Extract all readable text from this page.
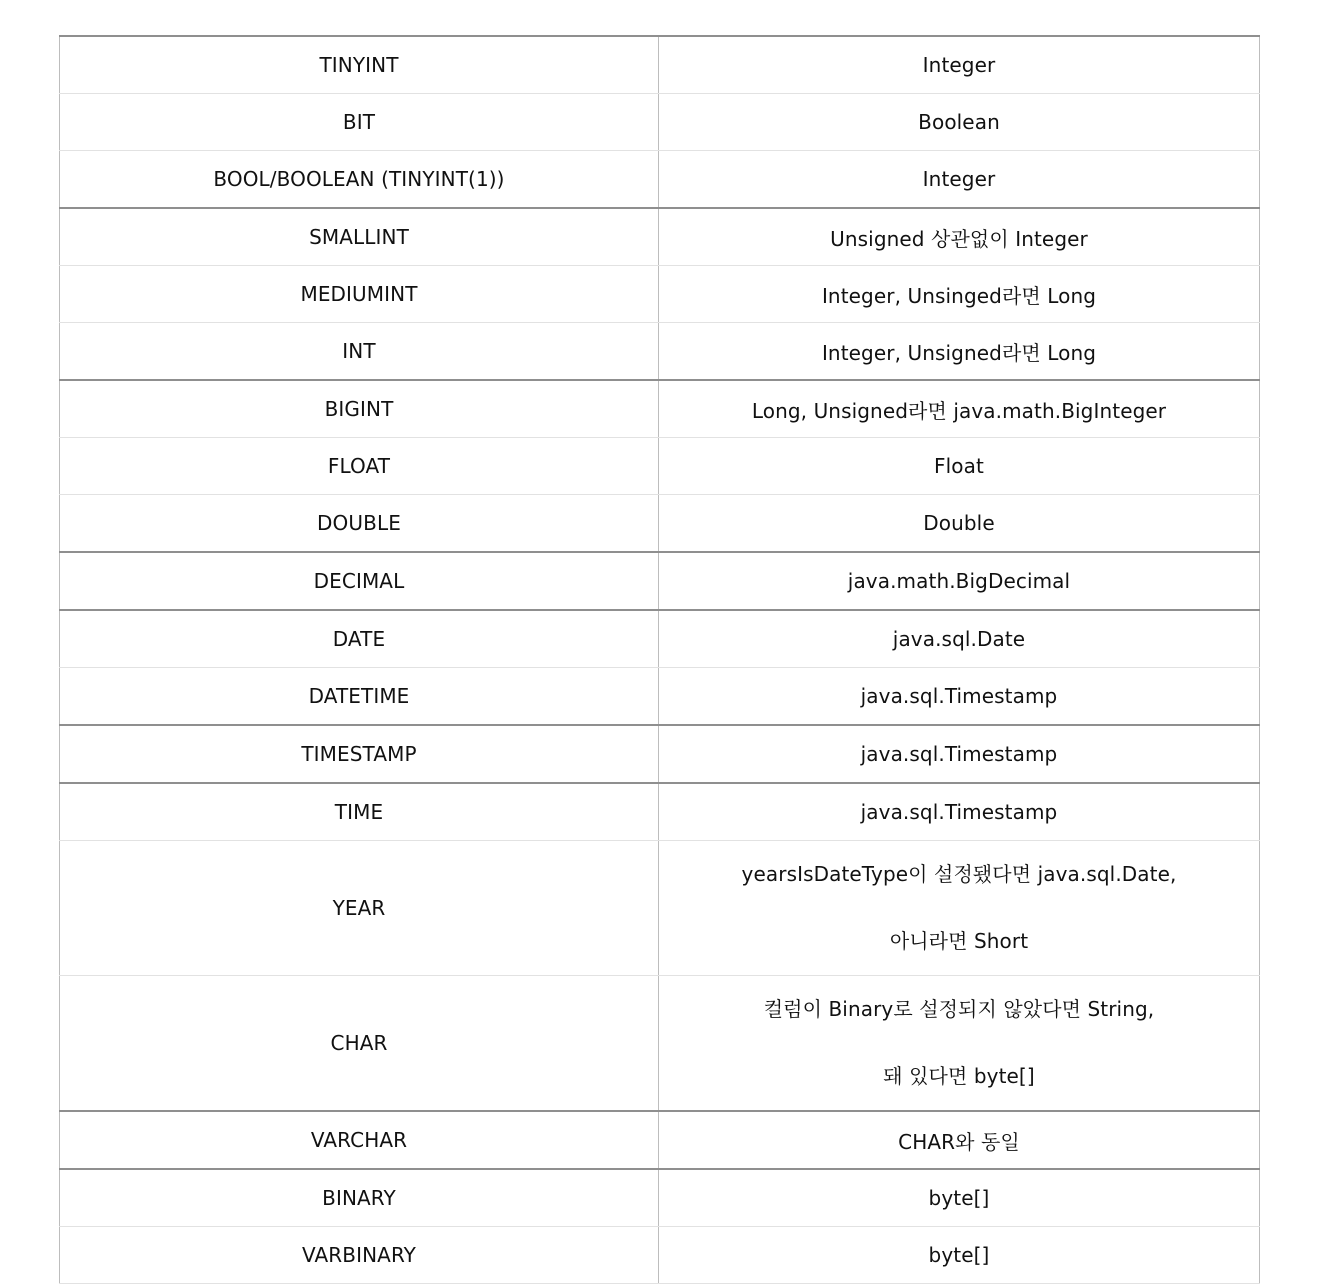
TINYINT	Integer
BIT	Boolean
BOOL/BOOLEAN (TINYINT(1))	Integer
SMALLINT	Unsigned 상관없이 Integer
MEDIUMINT	Integer, Unsinged라면 Long
INT	Integer, Unsigned라면 Long
BIGINT	Long, Unsigned라면 java.math.BigInteger
FLOAT	Float
DOUBLE	Double
DECIMAL	java.math.BigDecimal
DATE	java.sql.Date
DATETIME	java.sql.Timestamp
TIMESTAMP	java.sql.Timestamp
TIME	java.sql.Timestamp
YEAR	yearsIsDateType이 설정됐다면 java.sql.Date,
아니라면 Short

CHAR	컬럼이 Binary로 설정되지 않았다면 String,
돼 있다면 byte[]

VARCHAR	CHAR와 동일
BINARY	byte[]
VARBINARY	byte[]
